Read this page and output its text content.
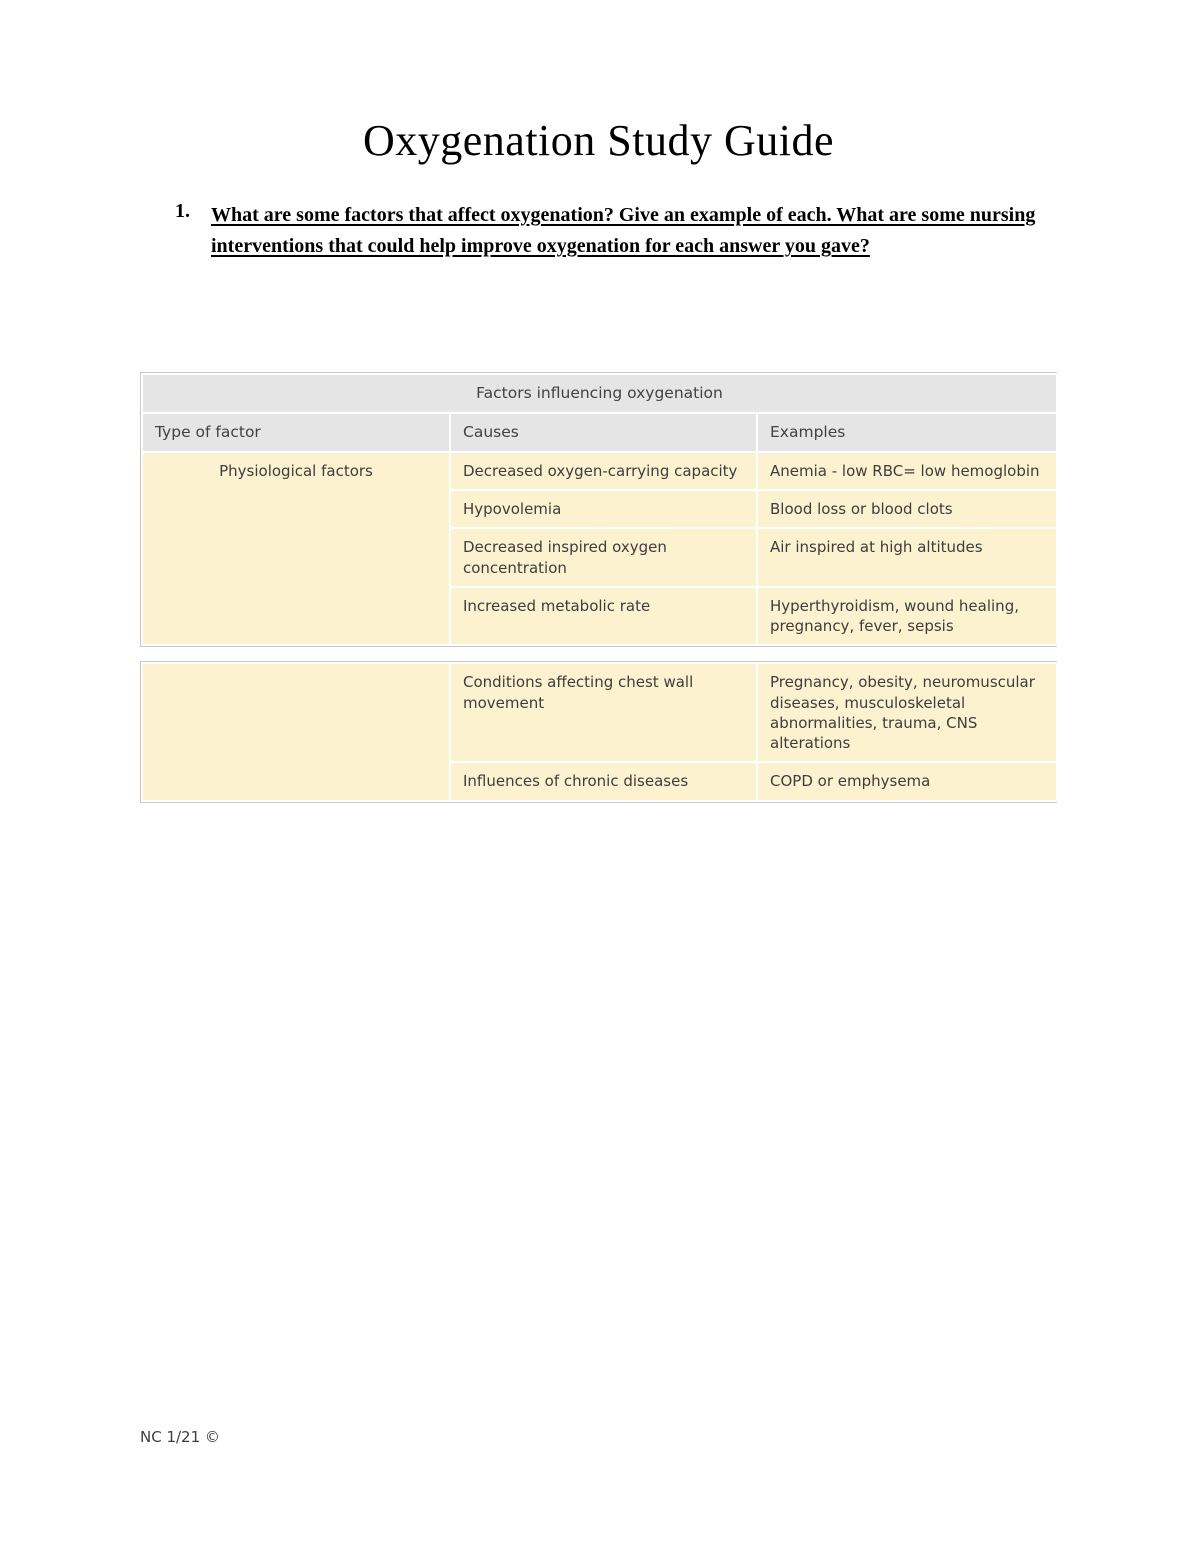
Oxygenation Study Guide
1.	What are some factors that affect oxygenation? Give an example of each. What are some nursing interventions that could help improve oxygenation for each answer you gave?
Factors influencing oxygenation		
Type of factor	Causes	Examples
Physiological factors	Decreased oxygen-carrying capacity	Anemia - low RBC= low hemoglobin
	Hypovolemia	Blood loss or blood clots
	Decreased inspired oxygen concentration	Air inspired at high altitudes
	Increased metabolic rate	Hyperthyroidism, wound healing, pregnancy, fever, sepsis
	Conditions affecting chest wall movement	Pregnancy, obesity, neuromuscular diseases, musculoskeletal abnormalities, trauma, CNS alterations
	Influences of chronic diseases	COPD or emphysema
NC 1/21 ©
